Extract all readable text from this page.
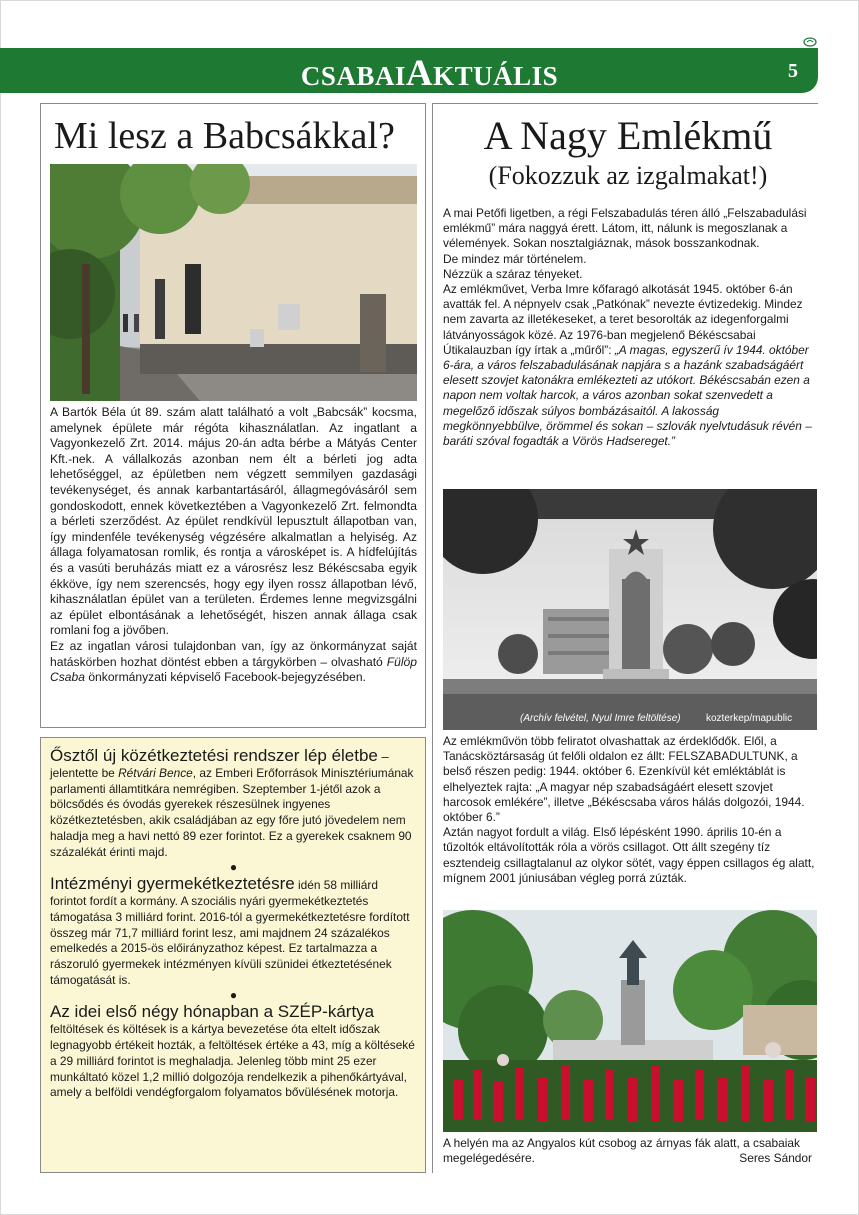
CSABAIAKTUÁLIS	5
Mi lesz a Babcsákkal?

A Bartók Béla út 89. szám alatt található a volt „Babcsák” kocsma, amelynek épülete már régóta kihasználatlan. Az ingatlant a Vagyonkezelő Zrt. 2014. május 20-án adta bérbe a Mátyás Center Kft.-nek. A vállalkozás azonban nem élt a bérleti jog adta lehetőséggel, az épületben nem végzett semmilyen gazdasági tevékenységet, és annak karbantartásáról, állagmegóvásáról sem gondoskodott, ennek következtében a Vagyonkezelő Zrt. felmondta a bérleti szerződést. Az épület rendkívül lepusztult állapotban van, így mindenféle tevékenység végzésére alkalmatlan a helyiség. Az állaga folyamatosan romlik, és rontja a városképet is. A hídfelújítás és a vasúti beruházás miatt ez a városrész lesz Békéscsaba egyik ékköve, így nem szerencsés, hogy egy ilyen rossz állapotban lévő, kihasználatlan épület van a területen. Érdemes lenne megvizsgálni az épület elbontásának a lehetőségét, hiszen annak állaga csak romlani fog a jövőben.

Ez az ingatlan városi tulajdonban van, így az önkormányzat saját hatáskörben hozhat döntést ebben a tárgykörben – olvasható Fülöp Csaba önkormányzati képviselő Facebook-bejegyzésében.

Ősztől új közétkeztetési rendszer lép életbe – jelentette be Rétvári Bence, az Emberi Erőforrások Minisztériumának parlamenti államtitkára nemrégiben. Szeptember 1-jétől azok a bölcsődés és óvodás gyerekek részesülnek ingyenes közétkeztetésben, akik családjában az egy főre jutó jövedelem nem haladja meg a havi nettó 89 ezer forintot. Ez a gyerekek csaknem 90 százalékát érinti majd.

●

Intézményi gyermekétkeztetésre idén 58 milliárd forintot fordít a kormány. A szociális nyári gyermekétkeztetés támogatása 3 milliárd forint. 2016-tól a gyermekétkeztetésre fordított összeg már 71,7 milliárd forint lesz, ami majdnem 24 százalékos emelkedés a 2015-ös előirányzathoz képest. Ez tartalmazza a rászoruló gyermekek intézményen kívüli szünidei étkeztetésének támogatását is.

●

Az idei első négy hónapban a SZÉP-kártya feltöltések és költések is a kártya bevezetése óta eltelt időszak legnagyobb értékeit hozták, a feltöltések értéke a 43, míg a költéseké a 29 milliárd forintot is meghaladja. Jelenleg több mint 25 ezer munkáltató közel 1,2 millió dolgozója rendelkezik a pihenőkártyával, amely a belföldi vendégforgalom folyamatos bővülésének motorja.

A Nagy Emlékmű
(Fokozzuk az izgalmakat!)

A mai Petőfi ligetben, a régi Felszabadulás téren álló „Felszabadulási emlékmű” mára naggyá érett. Látom, itt, nálunk is megoszlanak a vélemények. Sokan nosztalgiáznak, mások bosszankodnak.

De mindez már történelem.

Nézzük a száraz tényeket.

Az emlékművet, Verba Imre kőfaragó alkotását 1945. október 6-án avatták fel. A népnyelv csak „Patkónak” nevezte évtizedekig. Mindez nem zavarta az illetékeseket, a teret besorolták az idegenforgalmi látványosságok közé. Az 1976-ban megjelenő Békéscsabai Útikalauzban így írtak a „műről”: „A magas, egyszerű ív 1944. október 6-ára, a város felszabadulásának napjára s a hazánk szabadságáért elesett szovjet katonákra emlékezteti az utókort. Békéscsabán ezen a napon nem voltak harcok, a város azonban sokat szenvedett a megelőző időszak súlyos bombázásaitól. A lakosság megkönnyebbülve, örömmel és sokan – szlovák nyelvtudásuk révén – baráti szóval fogadták a Vörös Hadsereget.”

(Archív felvétel, Nyul Imre feltöltése)	kozterkep/mapublic

Az emlékművön több feliratot olvashattak az érdeklődők. Elől, a Tanácsköztársaság út felőli oldalon ez állt: FELSZABADULTUNK, a belső részen pedig: 1944. október 6. Ezenkívül két emléktáblát is elhelyeztek rajta: „A magyar nép szabadságáért elesett szovjet harcosok emlékére”, illetve „Békéscsaba város hálás dolgozói, 1944. október 6.”

Aztán nagyot fordult a világ. Első lépésként 1990. április 10-én a tűzoltók eltávolították róla a vörös csillagot. Ott állt szegény tíz esztendeig csillagtalanul az olykor sötét, vagy éppen csillagos ég alatt, mígnem 2001 júniusában végleg porrá zúzták.

A helyén ma az Angyalos kút csobog az árnyas fák alatt, a csabaiak megelégedésére.	Seres Sándor
